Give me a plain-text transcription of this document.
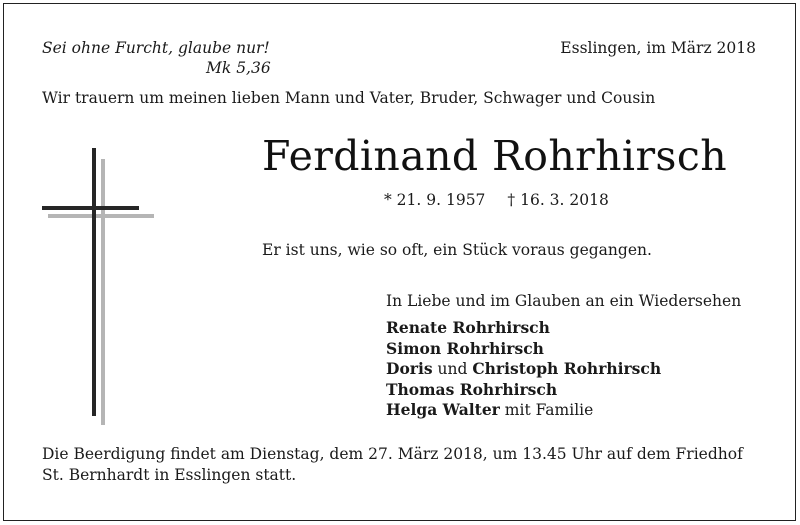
Sei ohne Furcht, glaube nur!
Mk 5,36
Esslingen, im März 2018
Wir trauern um meinen lieben Mann und Vater, Bruder, Schwager und Cousin
Ferdinand Rohrhirsch
* 21. 9. 1957 † 16. 3. 2018
Er ist uns, wie so oft, ein Stück voraus gegangen.
In Liebe und im Glauben an ein Wiedersehen
Renate Rohrhirsch
Simon Rohrhirsch
Doris und Christoph Rohrhirsch
Thomas Rohrhirsch
Helga Walter mit Familie
Die Beerdigung findet am Dienstag, dem 27. März 2018, um 13.45 Uhr auf dem Friedhof
St. Bernhardt in Esslingen statt.
